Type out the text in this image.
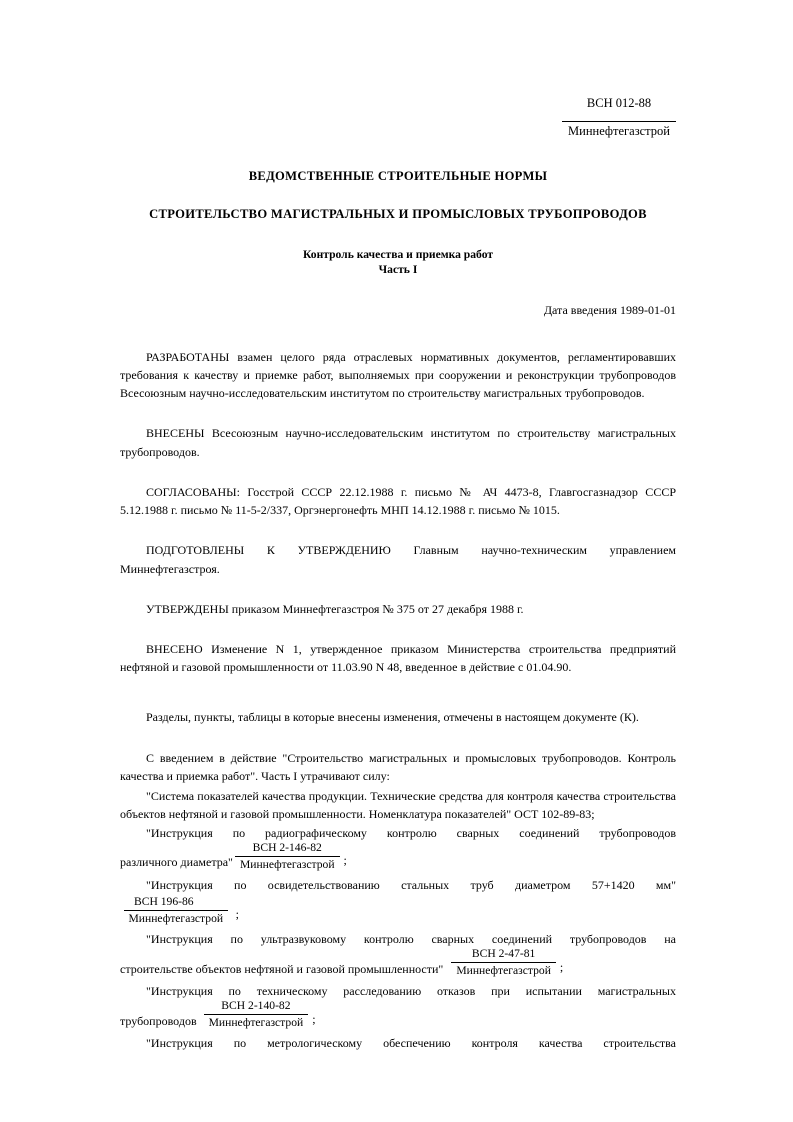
$\frac{\text{ВСН 012-88}}{\text{Миннефтегазстрой}}$
ВЕДОМСТВЕННЫЕ СТРОИТЕЛЬНЫЕ НОРМЫ
СТРОИТЕЛЬСТВО МАГИСТРАЛЬНЫХ И ПРОМЫСЛОВЫХ ТРУБОПРОВОДОВ
Контроль качества и приемка работ
Часть I
Дата введения 1989-01-01

РАЗРАБОТАНЫ взамен целого ряда отраслевых нормативных документов, регламентировавших требования к качеству и приемке работ, выполняемых при сооружении и реконструкции трубопроводов Всесоюзным научно-исследовательским институтом по строительству магистральных трубопроводов.

ВНЕСЕНЫ Всесоюзным научно-исследовательским институтом по строительству магистральных трубопроводов.

СОГЛАСОВАНЫ: Госстрой СССР 22.12.1988 г. письмо № АЧ 4473-8, Главгосгазнадзор СССР 5.12.1988 г. письмо № 11-5-2/337, Оргэнергонефть МНП 14.12.1988 г. письмо № 1015.

ПОДГОТОВЛЕНЫ К УТВЕРЖДЕНИЮ Главным научно-техническим управлением Миннефтегазстроя.

УТВЕРЖДЕНЫ приказом Миннефтегазстроя № 375 от 27 декабря 1988 г.

ВНЕСЕНО Изменение N 1, утвержденное приказом Министерства строительства предприятий нефтяной и газовой промышленности от 11.03.90 N 48, введенное в действие с 01.04.90.

Разделы, пункты, таблицы в которые внесены изменения, отмечены в настоящем документе (К).

С введением в действие "Строительство магистральных и промысловых трубопроводов. Контроль качества и приемка работ". Часть I утрачивают силу:

"Система показателей качества продукции. Технические средства для контроля качества строительства объектов нефтяной и газовой промышленности. Номенклатура показателей" ОСТ 102-89-83;

"Инструкция по радиографическому контролю сварных соединений трубопроводов
различного диаметра" $\frac{\text{ВСН 2-146-82}}{\text{Миннефтегазстрой}}$ ;
"Инструкция по освидетельствованию стальных труб диаметром 57+1420 мм"
$\frac{\text{ВСН 196-86}}{\text{Миннефтегазстрой}}$ ;
"Инструкция по ультразвуковому контролю сварных соединений трубопроводов на
строительстве объектов нефтяной и газовой промышленности" $\frac{\text{ВСН 2-47-81}}{\text{Миннефтегазстрой}}$ ;
"Инструкция по техническому расследованию отказов при испытании магистральных
трубопроводов $\frac{\text{ВСН 2-140-82}}{\text{Миннефтегазстрой}}$ ;
"Инструкция по метрологическому обеспечению контроля качества строительства
